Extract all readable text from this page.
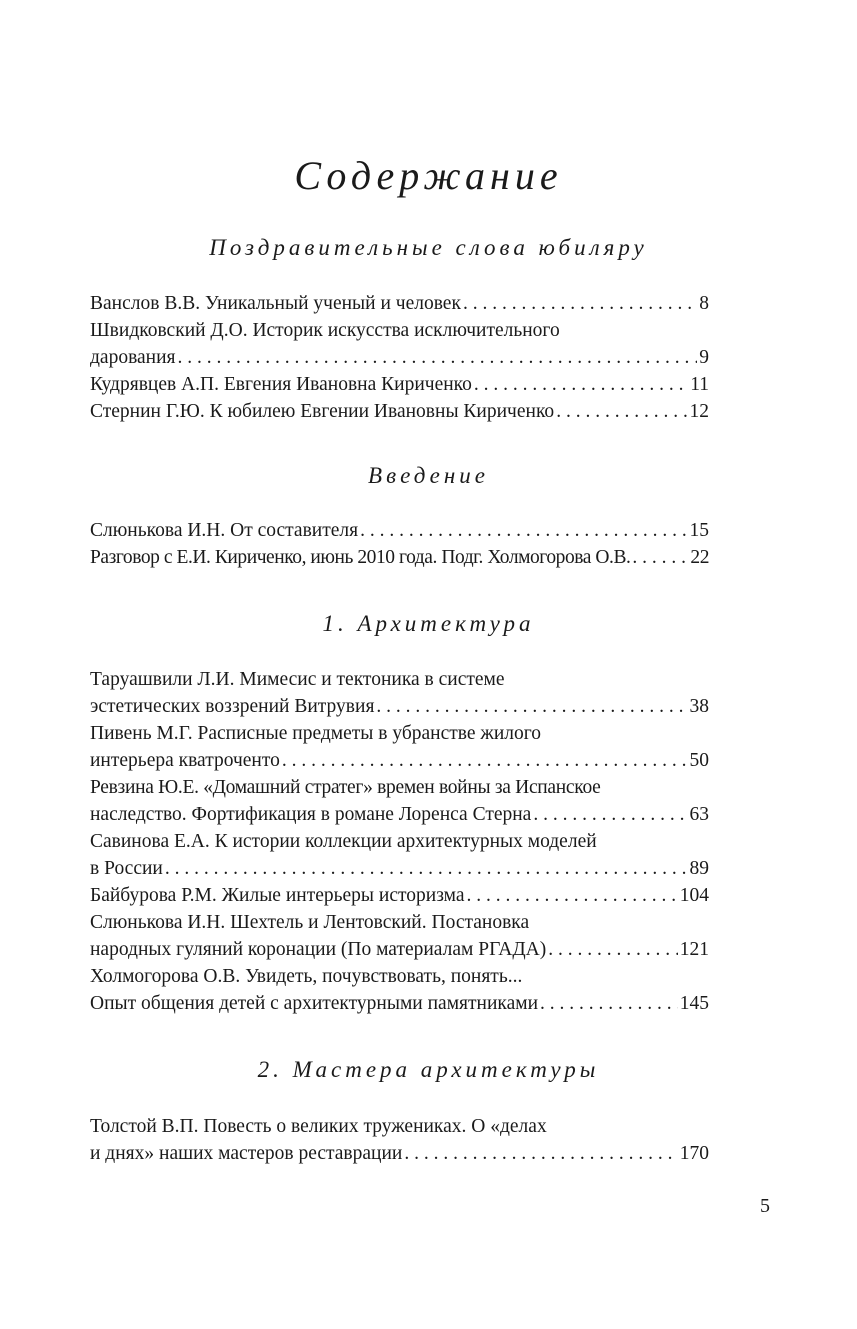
Содержание
Поздравительные слова юбиляру
Ванслов В.В. Уникальный ученый и человек . . .	8
Швидковский Д.О. Историк искусства исключительного
дарования . . .	9
Кудрявцев А.П. Евгения Ивановна Кириченко . . .	11
Стернин Г.Ю. К юбилею Евгении Ивановны Кириченко . . .	12
Введение
Слюнькова И.Н. От составителя . . .	15
Разговор с Е.И. Кириченко, июнь 2010 года. Подг. Холмогорова О.В. . . .	22
1. Архитектура
Таруашвили Л.И. Мимесис и тектоника в системе
эстетических воззрений Витрувия . . .	38
Пивень М.Г. Расписные предметы в убранстве жилого
интерьера кватроченто . . .	50
Ревзина Ю.Е. «Домашний стратег» времен войны за Испанское
наследство. Фортификация в романе Лоренса Стерна . . .	63
Савинова Е.А. К истории коллекции архитектурных моделей
в России . . .	89
Байбурова Р.М. Жилые интерьеры историзма . . .	104
Слюнькова И.Н. Шехтель и Лентовский. Постановка
народных гуляний коронации (По материалам РГАДА) . . .	121
Холмогорова О.В. Увидеть, почувствовать, понять...
Опыт общения детей с архитектурными памятниками . . .	145
2. Мастера архитектуры
Толстой В.П. Повесть о великих тружениках. О «делах
и днях» наших мастеров реставрации . . .	170
5
